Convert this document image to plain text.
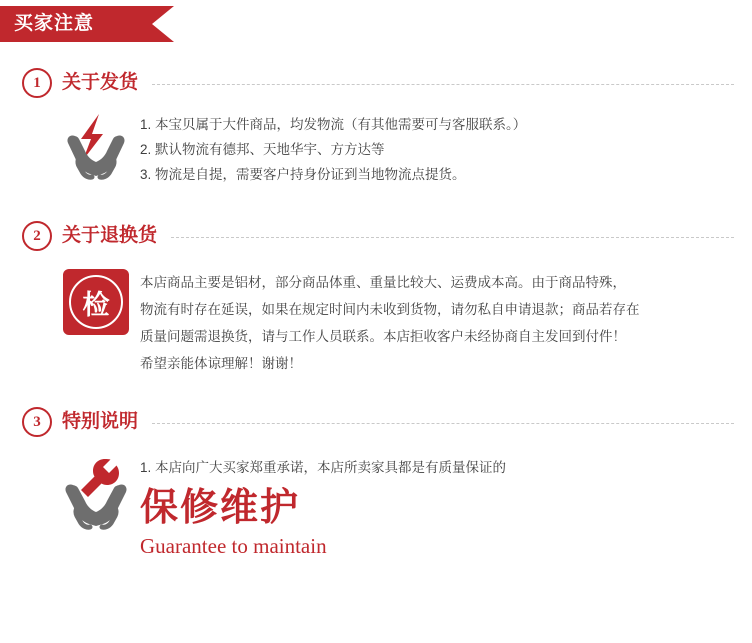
买家注意
1	关于发货

1. 本宝贝属于大件商品，均发物流（有其他需要可与客服联系。）

2. 默认物流有德邦、天地华宇、方方达等

3. 物流是自提，需要客户持身份证到当地物流点提货。

2	关于退换货
检

本店商品主要是铝材，部分商品体重、重量比较大、运费成本高。由于商品特殊，

物流有时存在延误，如果在规定时间内未收到货物，请勿私自申请退款；商品若存在

质量问题需退换货，请与工作人员联系。本店拒收客户未经协商自主发回到付件！

希望亲能体谅理解！谢谢！

3	特别说明

1. 本店向广大买家郑重承诺，本店所卖家具都是有质量保证的

保修维护
Guarantee to maintain
